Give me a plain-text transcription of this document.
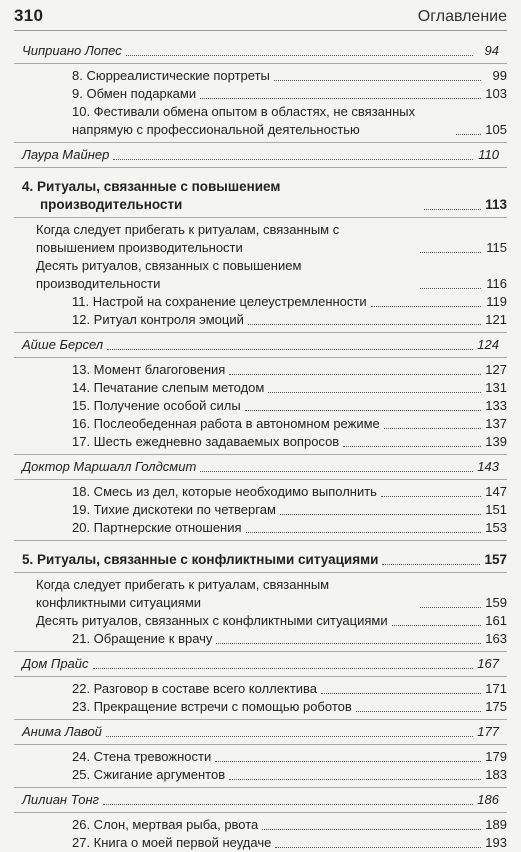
310	Оглавление
Чиприано Лопес	94
8. Сюрреалистические портреты	99
9. Обмен подарками	103
10. Фестивали обмена опытом в областях, не связанных напрямую с профессиональной деятельностью	105
Лаура Майнер	110
4. Ритуалы, связанные с повышением производительности	113
Когда следует прибегать к ритуалам, связанным с повышением производительности	115
Десять ритуалов, связанных с повышением производительности	116
11. Настрой на сохранение целеустремленности	119
12. Ритуал контроля эмоций	121
Айше Берсел	124
13. Момент благоговения	127
14. Печатание слепым методом	131
15. Получение особой силы	133
16. Послеобеденная работа в автономном режиме	137
17. Шесть ежедневно задаваемых вопросов	139
Доктор Маршалл Голдсмит	143
18. Смесь из дел, которые необходимо выполнить	147
19. Тихие дискотеки по четвергам	151
20. Партнерские отношения	153
5. Ритуалы, связанные с конфликтными ситуациями	157
Когда следует прибегать к ритуалам, связанным конфликтными ситуациями	159
Десять ритуалов, связанных с конфликтными ситуациями	161
21. Обращение к врачу	163
Дом Прайс	167
22. Разговор в составе всего коллектива	171
23. Прекращение встречи с помощью роботов	175
Анима Лавой	177
24. Стена тревожности	179
25. Сжигание аргументов	183
Лилиан Тонг	186
26. Слон, мертвая рыба, рвота	189
27. Книга о моей первой неудаче	193
